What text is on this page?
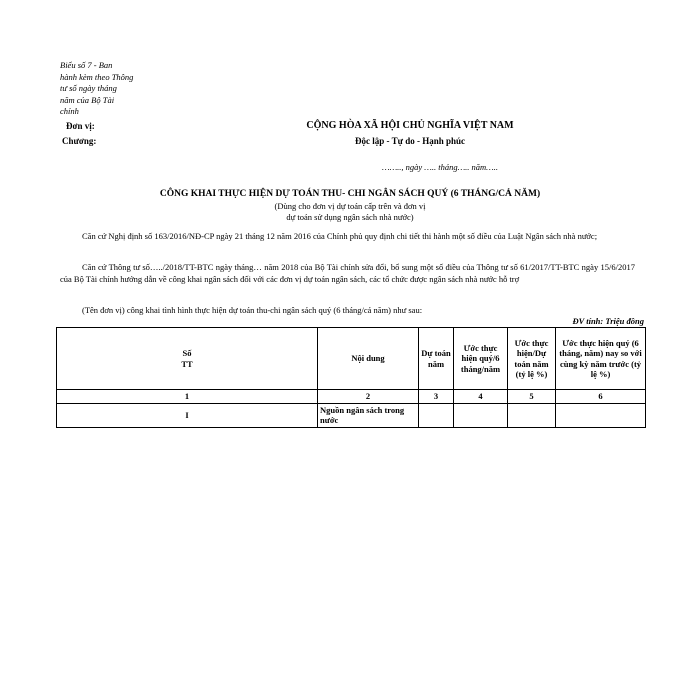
Biểu số 7 - Ban
hành kèm theo Thông
tư số ngày tháng
năm của Bộ Tài
chính
Đơn vị:
Chương:
CỘNG HÒA XÃ HỘI CHỦ NGHĨA VIỆT NAM
Độc lập - Tự do - Hạnh phúc
…….., ngày ….. tháng….. năm…..
CÔNG KHAI THỰC HIỆN DỰ TOÁN THU- CHI NGÂN SÁCH QUÝ (6 THÁNG/CẢ NĂM)
(Dùng cho đơn vị dự toán cấp trên và đơn vị
dự toán sử dụng ngân sách nhà nước)
Căn cứ Nghị định số 163/2016/NĐ-CP ngày 21 tháng 12 năm 2016 của Chính phủ quy định chi tiết thi hành một số điều của Luật Ngân sách nhà nước;
Căn cứ Thông tư số…../2018/TT-BTC ngày tháng… năm 2018 của Bộ Tài chính sửa đổi, bổ sung một số điều của Thông tư số 61/2017/TT-BTC ngày 15/6/2017 của Bộ Tài chính hướng dẫn về công khai ngân sách đối với các đơn vị dự toán ngân sách, các tổ chức được ngân sách nhà nước hỗ trợ
(Tên đơn vị) công khai tình hình thực hiện dự toán thu-chi ngân sách quý (6 tháng/cả năm) như sau:
ĐV tính: Triệu đồng
Số TT	Nội dung	Dự toán năm	Ước thực hiện quý/6 tháng/năm	Ước thực hiện/Dự toán năm (tỷ lệ %)	Ước thực hiện quý (6 tháng, năm) nay so với cùng kỳ năm trước (tỷ lệ %)
1	2	3	4	5	6
I	Nguồn ngân sách trong nước				
